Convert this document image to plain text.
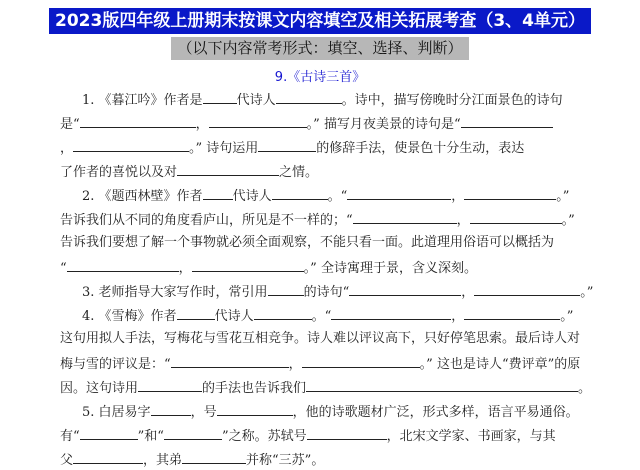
2023版四年级上册期末按课文内容填空及相关拓展考查（3、4单元）
（以下内容常考形式：填空、选择、判断）
9.《古诗三首》
1. 《暮江吟》作者是	代诗人	。诗中，描写傍晚时分江面景色的诗句
是“	，	。” 描写月夜美景的诗句是“
，	。” 诗句运用	的修辞手法，使景色十分生动，表达
了作者的喜悦以及对	之情。
2. 《题西林壁》作者 代诗人	。“	，	。”
告诉我们从不同的角度看庐山，所见是不一样的；“	，	。”
告诉我们要想了解一个事物就必须全面观察，不能只看一面。此道理用俗语可以概括为
“	，	。” 全诗寓理于景，含义深刻。
3. 老师指导大家写作时，常引用	的诗句“	，	。”
4. 《雪梅》作者	代诗人	。“	，	。”
这句用拟人手法，写梅花与雪花互相竞争。诗人难以评议高下，只好停笔思索。最后诗人对
梅与雪的评议是：“	，	。” 这也是诗人“费评章”的原
因。这句诗用	的手法也告诉我们	。
5. 白居易字	，号	，他的诗歌题材广泛，形式多样，语言平易通俗。
有“	”和“	”之称。苏轼号	，北宋文学家、书画家，与其
父	，其弟	并称“三苏”。
